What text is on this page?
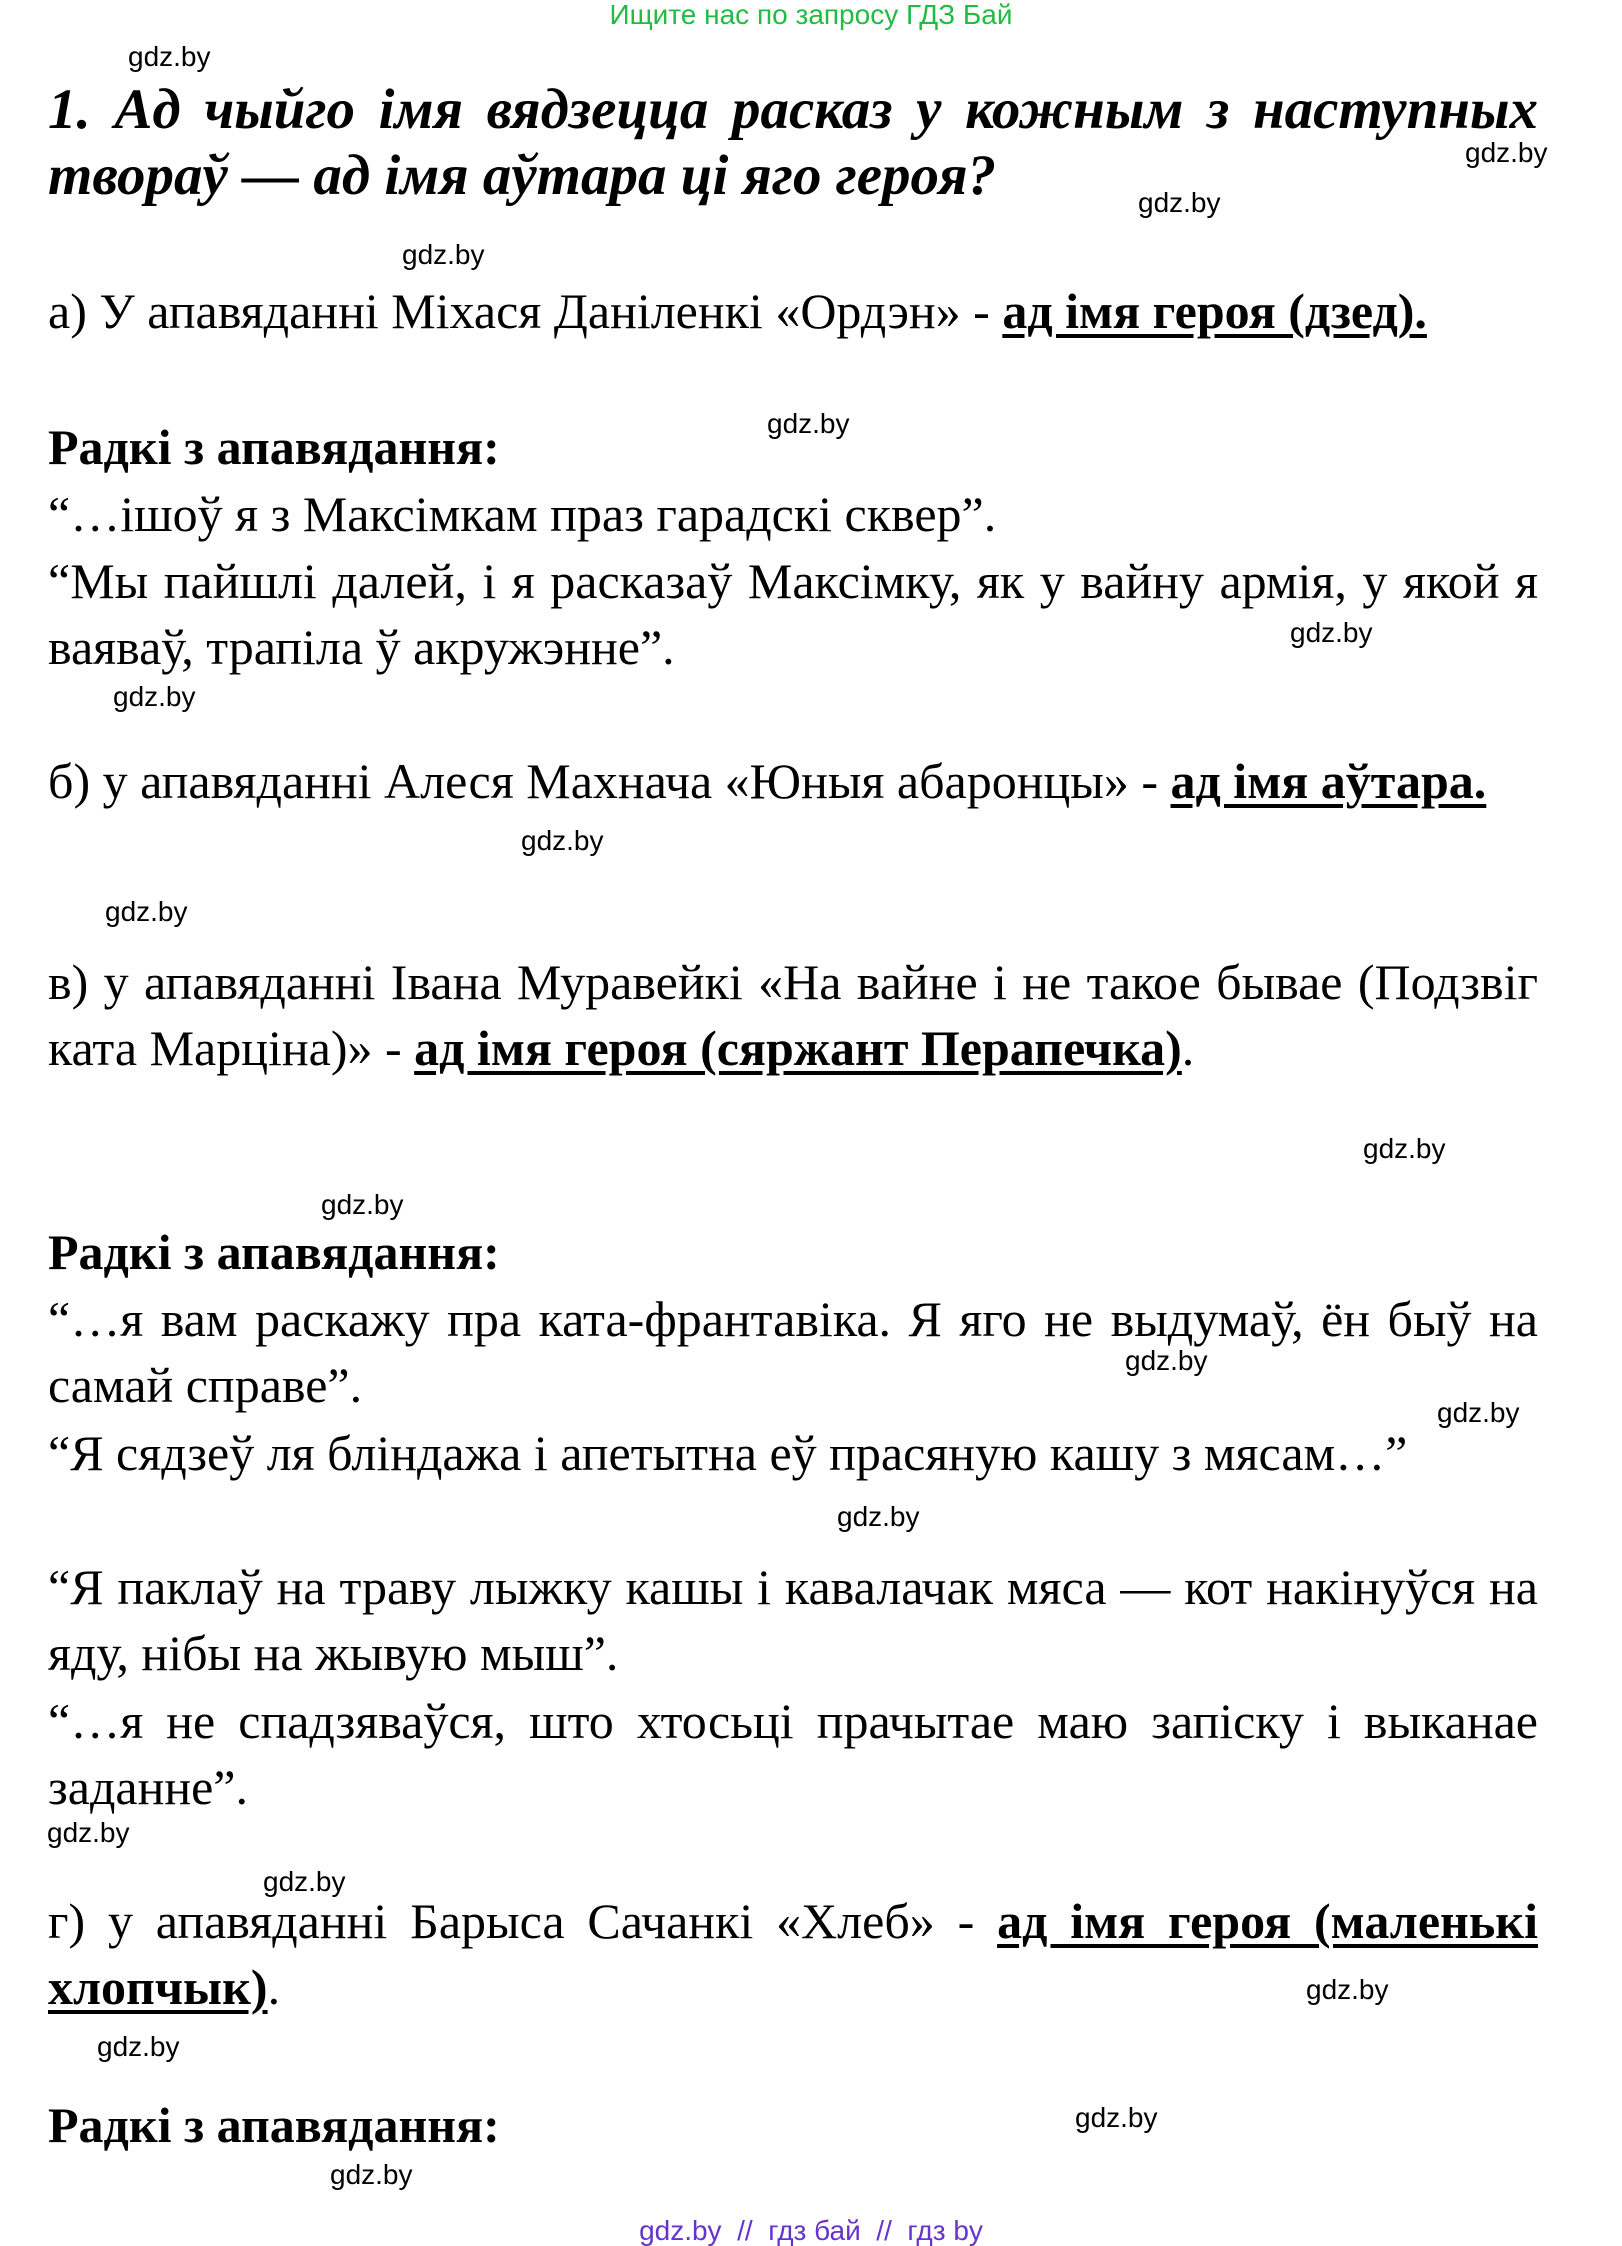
Ищите нас по запросу ГДЗ Бай
gdz.by
gdz.by
gdz.by
gdz.by
gdz.by
gdz.by
gdz.by
gdz.by
gdz.by
gdz.by
gdz.by
gdz.by
gdz.by
gdz.by
gdz.by
gdz.by
gdz.by
gdz.by
gdz.by
gdz.by
1. Ад чыйго імя вядзецца расказ у кожным з наступных твораў — ад імя аўтара ці яго героя?
а) У апавяданні Міхася Даніленкі «Ордэн» - ад імя героя (дзед).
Радкі з апавядання:
“…ішоў я з Максімкам праз гарадскі сквер”.
“Мы пайшлі далей, і я расказаў Максімку, як у вайну армія, у якой я ваяваў, трапіла ў акружэнне”.
б) у апавяданні Алеся Махнача «Юныя абаронцы» - ад імя аўтара.
в) у апавяданні Івана Муравейкі «На вайне і не такое бывае (Подзвіг ката Марціна)» - ад імя героя (сяржант Перапечка).
Радкі з апавядання:
“…я вам раскажу пра ката-франтавіка. Я яго не выдумаў, ён быў на самай справе”.
“Я сядзеў ля бліндажа і апетытна еў прасяную кашу з мясам…”
“Я паклаў на траву лыжку кашы і кавалачак мяса — кот накінуўся на яду, нібы на жывую мыш”.
“…я не спадзяваўся, што хтосьці прачытае маю запіску і выканае заданне”.
г) у апавяданні Барыса Сачанкі «Хлеб» - ад імя героя (маленькі хлопчык).
Радкі з апавядання:
gdz.by  //  гдз бай  //  гдз by
